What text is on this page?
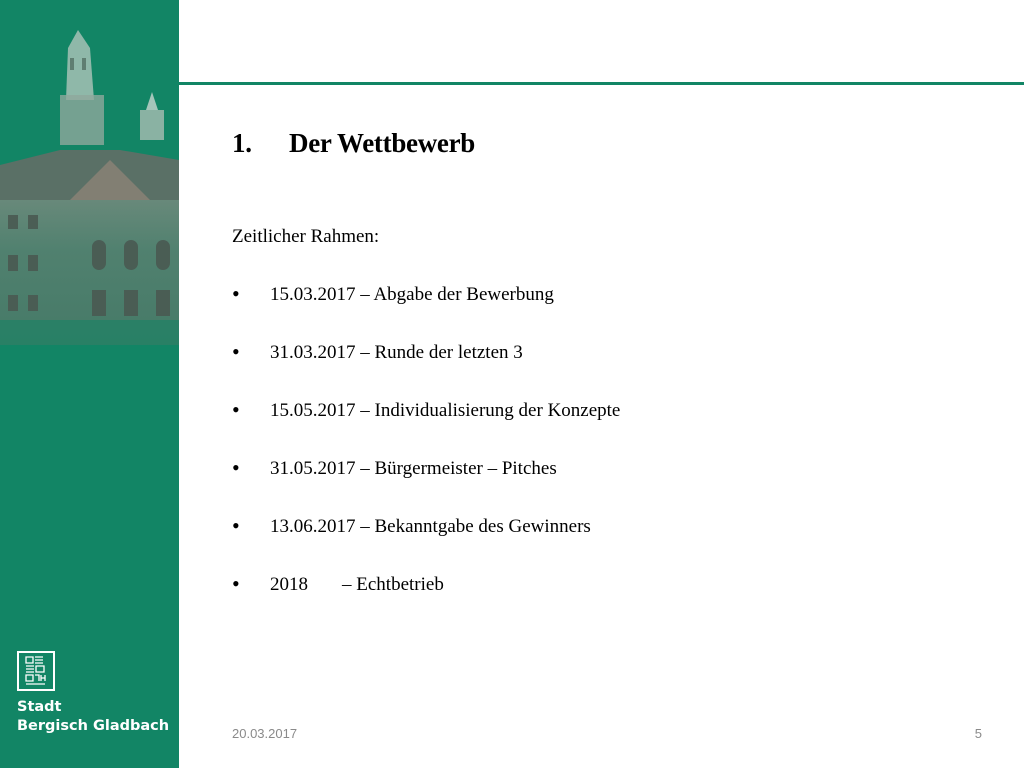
Stadt
Bergisch Gladbach
1. Der Wettbewerb
Zeitlicher Rahmen:
• 15.03.2017 – Abgabe der Bewerbung
• 31.03.2017 – Runde der letzten 3
• 15.05.2017 – Individualisierung der Konzepte
• 31.05.2017 – Bürgermeister – Pitches
• 13.06.2017 – Bekanntgabe des Gewinners
• 2018 – Echtbetrieb
20.03.2017	5
